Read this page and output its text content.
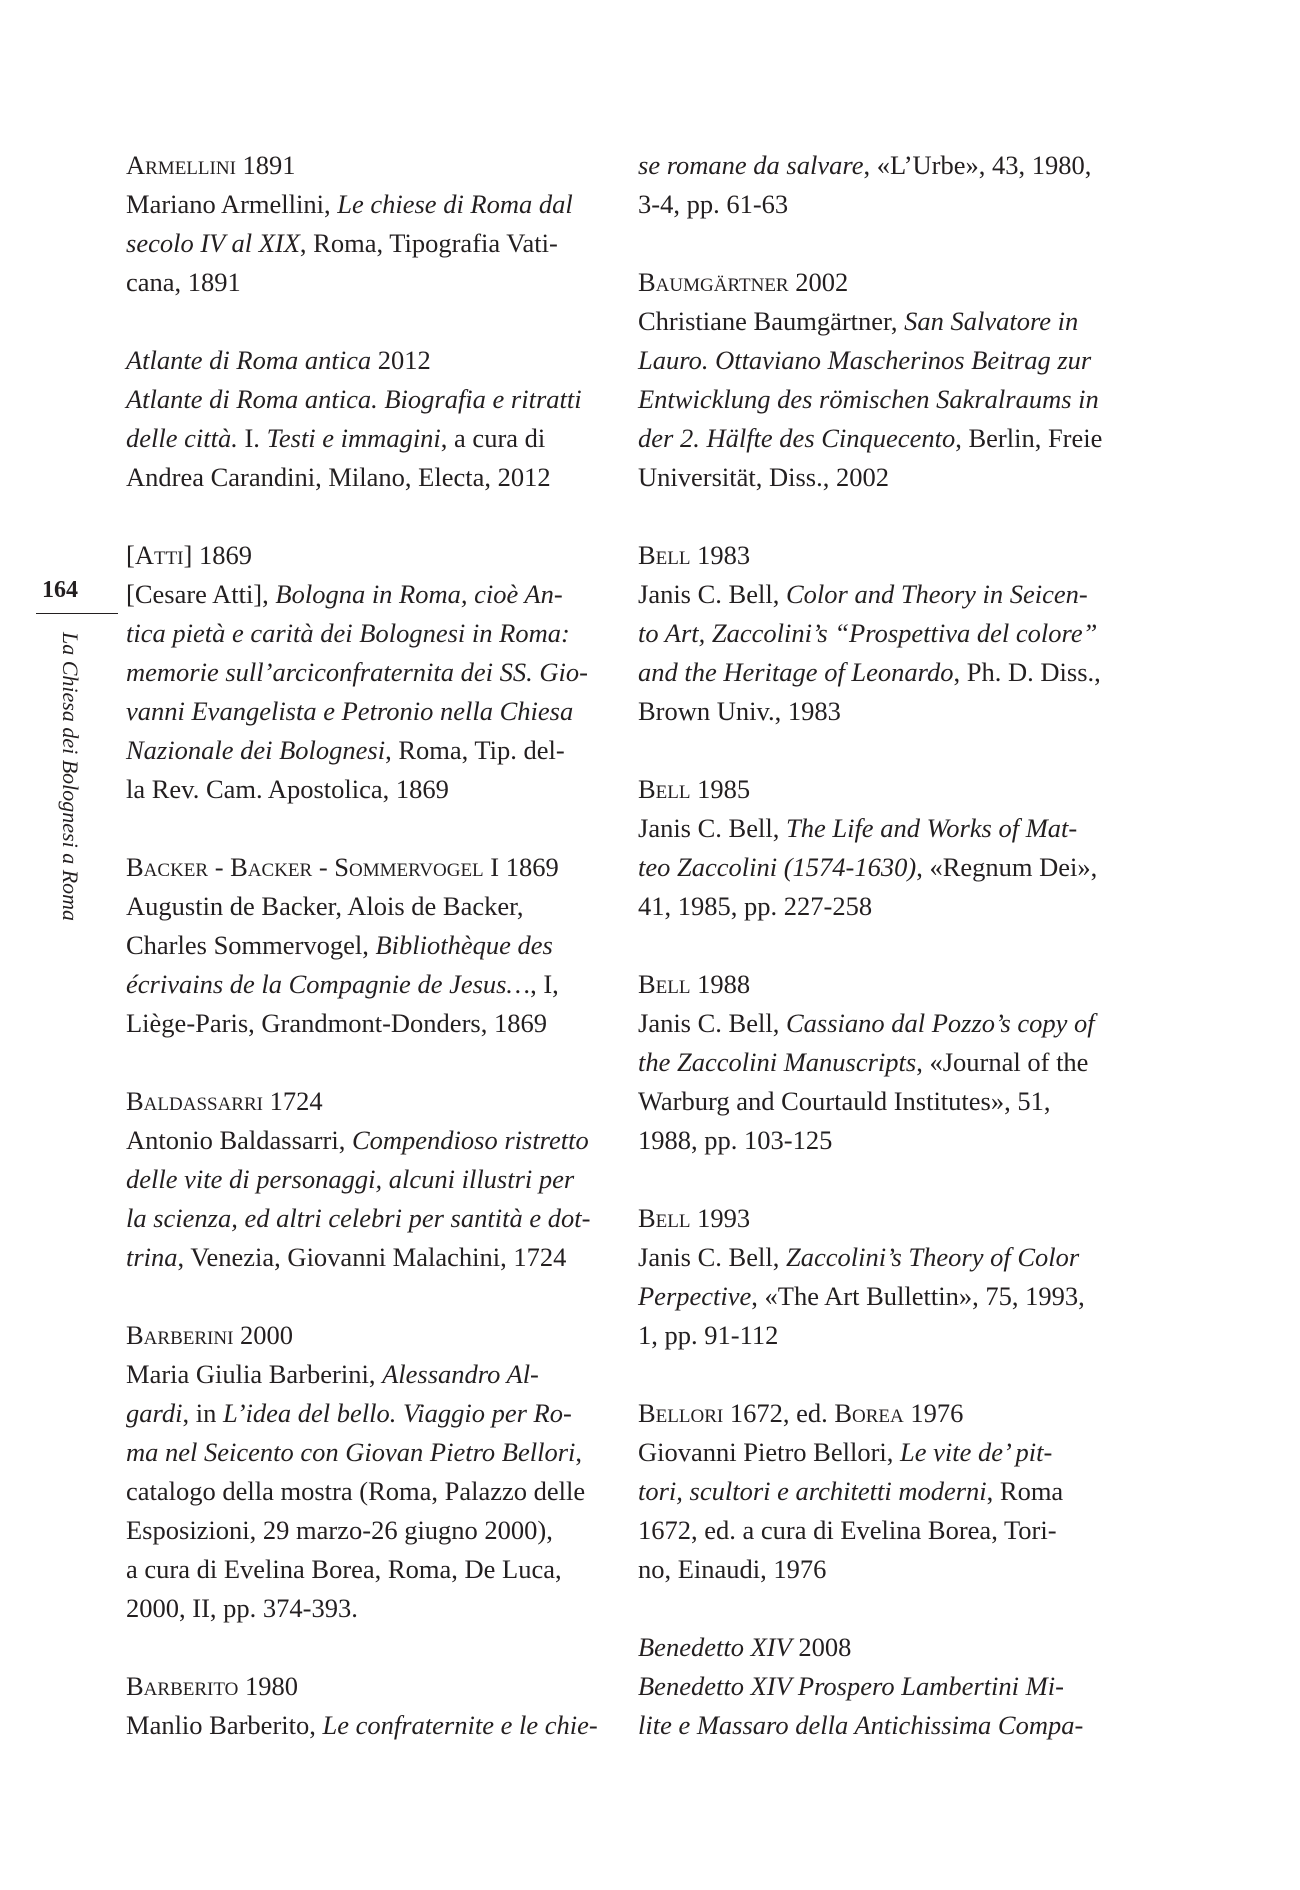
164
La Chiesa dei Bolognesi a Roma
Armellini 1891
Mariano Armellini, Le chiese di Roma dal
secolo IV al XIX, Roma, Tipografia Vati-
cana, 1891
Atlante di Roma antica 2012
Atlante di Roma antica. Biografia e ritratti
delle città. I. Testi e immagini, a cura di
Andrea Carandini, Milano, Electa, 2012
[Atti] 1869
[Cesare Atti], Bologna in Roma, cioè An-
tica pietà e carità dei Bolognesi in Roma:
memorie sull’arciconfraternita dei SS. Gio-
vanni Evangelista e Petronio nella Chiesa
Nazionale dei Bolognesi, Roma, Tip. del-
la Rev. Cam. Apostolica, 1869
Backer - Backer - Sommervogel I 1869
Augustin de Backer, Alois de Backer,
Charles Sommervogel, Bibliothèque des
écrivains de la Compagnie de Jesus…, I,
Liège-Paris, Grandmont-Donders, 1869
Baldassarri 1724
Antonio Baldassarri, Compendioso ristretto
delle vite di personaggi, alcuni illustri per
la scienza, ed altri celebri per santità e dot-
trina, Venezia, Giovanni Malachini, 1724
Barberini 2000
Maria Giulia Barberini, Alessandro Al-
gardi, in L’idea del bello. Viaggio per Ro-
ma nel Seicento con Giovan Pietro Bellori,
catalogo della mostra (Roma, Palazzo delle
Esposizioni, 29 marzo-26 giugno 2000),
a cura di Evelina Borea, Roma, De Luca,
2000, II, pp. 374-393.
Barberito 1980
Manlio Barberito, Le confraternite e le chie-
se romane da salvare, «L’Urbe», 43, 1980,
3-4, pp. 61-63
Baumgärtner 2002
Christiane Baumgärtner, San Salvatore in
Lauro. Ottaviano Mascherinos Beitrag zur
Entwicklung des römischen Sakralraums in
der 2. Hälfte des Cinquecento, Berlin, Freie
Universität, Diss., 2002
Bell 1983
Janis C. Bell, Color and Theory in Seicen-
to Art, Zaccolini’s “Prospettiva del colore”
and the Heritage of Leonardo, Ph. D. Diss.,
Brown Univ., 1983
Bell 1985
Janis C. Bell, The Life and Works of Mat-
teo Zaccolini (1574-1630), «Regnum Dei»,
41, 1985, pp. 227-258
Bell 1988
Janis C. Bell, Cassiano dal Pozzo’s copy of
the Zaccolini Manuscripts, «Journal of the
Warburg and Courtauld Institutes», 51,
1988, pp. 103-125
Bell 1993
Janis C. Bell, Zaccolini’s Theory of Color
Perpective, «The Art Bullettin», 75, 1993,
1, pp. 91-112
Bellori 1672, ed. Borea 1976
Giovanni Pietro Bellori, Le vite de’ pit-
tori, scultori e architetti moderni, Roma
1672, ed. a cura di Evelina Borea, Tori-
no, Einaudi, 1976
Benedetto XIV 2008
Benedetto XIV Prospero Lambertini Mi-
lite e Massaro della Antichissima Compa-
